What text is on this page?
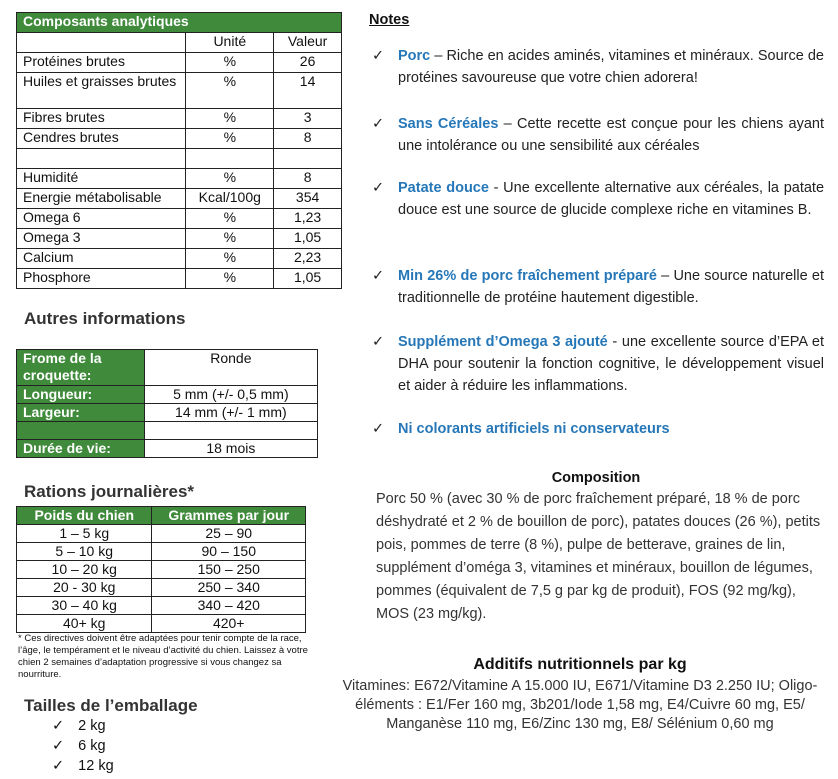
Composants analytiques		
	Unité	Valeur
Protéines brutes	%	26
Huiles et graisses brutes	%	14
Fibres brutes	%	3
Cendres brutes	%	8

Humidité	%	8
Energie métabolisable	Kcal/100g	354
Omega 6	%	1,23
Omega 3	%	1,05
Calcium	%	2,23
Phosphore	%	1,05
Autres informations
Frome de la croquette:	Ronde
Longueur:	5 mm (+/- 0,5 mm)
Largeur:	14 mm (+/- 1 mm)

Durée de vie:	18 mois
Rations journalières*
Poids du chien	Grammes par jour
1 – 5 kg	25 – 90
5 – 10 kg	90 – 150
10 – 20 kg	150 – 250
20 - 30 kg	250 – 340
30 – 40 kg	340 – 420
40+ kg	420+
* Ces directives doivent être adaptées pour tenir compte de la race, l’âge, le tempérament et le niveau d’activité du chien. Laissez à votre chien 2 semaines d’adaptation progressive si vous changez sa nourriture.
Tailles de l’emballage
✓ 2 kg
✓ 6 kg
✓ 12 kg
Notes
✓ Porc – Riche en acides aminés, vitamines et minéraux. Source de protéines savoureuse que votre chien adorera!
✓ Sans Céréales – Cette recette est conçue pour les chiens ayant une intolérance ou une sensibilité aux céréales
✓ Patate douce - Une excellente alternative aux céréales, la patate douce est une source de glucide complexe riche en vitamines B.
✓ Min 26% de porc fraîchement préparé – Une source naturelle et traditionnelle de protéine hautement digestible.
✓ Supplément d’Omega 3 ajouté - une excellente source d’EPA et DHA pour soutenir la fonction cognitive, le développement visuel et aider à réduire les inflammations.
✓ Ni colorants artificiels ni conservateurs
Composition
Porc 50 % (avec 30 % de porc fraîchement préparé, 18 % de porc déshydraté et 2 % de bouillon de porc), patates douces (26 %), petits pois, pommes de terre (8 %), pulpe de betterave, graines de lin, supplément d’oméga 3, vitamines et minéraux, bouillon de légumes, pommes (équivalent de 7,5 g par kg de produit), FOS (92 mg/kg), MOS (23 mg/kg).
Additifs nutritionnels par kg
Vitamines: E672/Vitamine A 15.000 IU, E671/Vitamine D3 2.250 IU; Oligo-éléments : E1/Fer 160 mg, 3b201/Iode 1,58 mg, E4/Cuivre 60 mg, E5/ Manganèse 110 mg, E6/Zinc 130 mg, E8/ Sélénium 0,60 mg
